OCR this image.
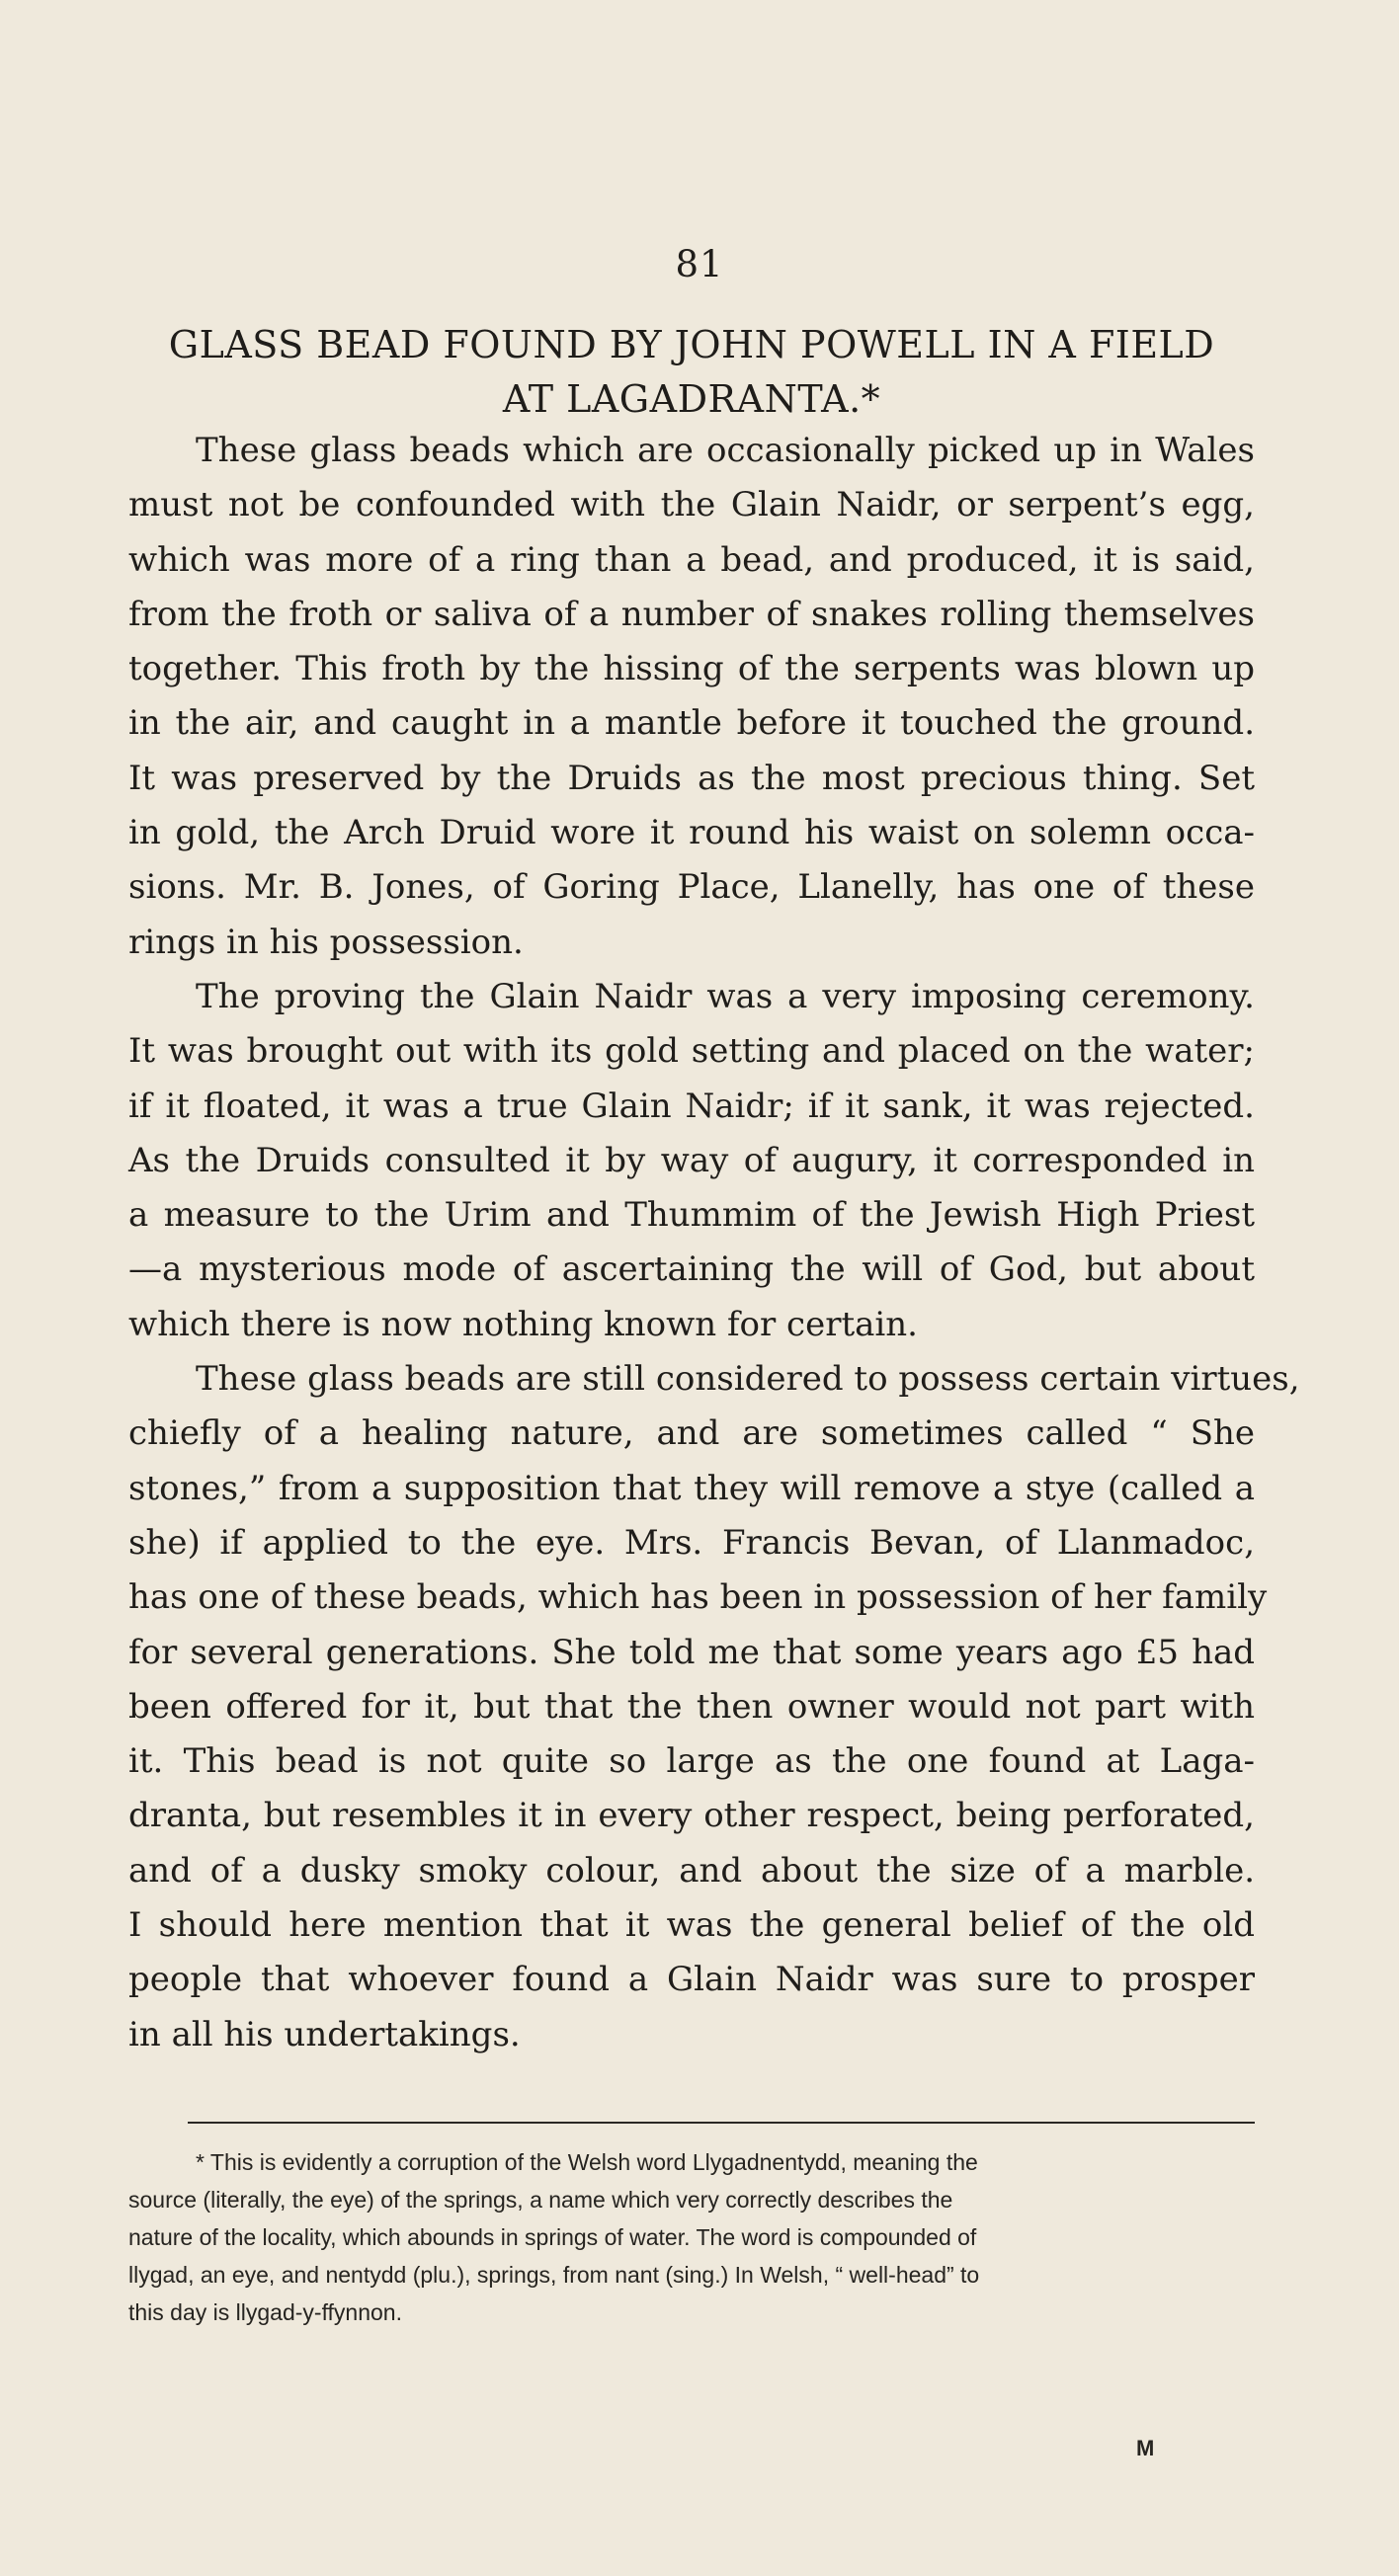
81
GLASS BEAD FOUND BY JOHN POWELL IN A FIELD
AT LAGADRANTA.*

These glass beads which are occasionally picked up in Wales
must not be confounded with the Glain Naidr, or serpent’s egg,
which was more of a ring than a bead, and produced, it is said,
from the froth or saliva of a number of snakes rolling themselves
together. This froth by the hissing of the serpents was blown up
in the air, and caught in a mantle before it touched the ground.
It was preserved by the Druids as the most precious thing. Set
in gold, the Arch Druid wore it round his waist on solemn occa-
sions. Mr. B. Jones, of Goring Place, Llanelly, has one of these
rings in his possession.

The proving the Glain Naidr was a very imposing ceremony.
It was brought out with its gold setting and placed on the water;
if it floated, it was a true Glain Naidr; if it sank, it was rejected.
As the Druids consulted it by way of augury, it corresponded in
a measure to the Urim and Thummim of the Jewish High Priest
—a mysterious mode of ascertaining the will of God, but about
which there is now nothing known for certain.

These glass beads are still considered to possess certain virtues,
chiefly of a healing nature, and are sometimes called “ She
stones,” from a supposition that they will remove a stye (called a
she) if applied to the eye. Mrs. Francis Bevan, of Llanmadoc,
has one of these beads, which has been in possession of her family
for several generations. She told me that some years ago £5 had
been offered for it, but that the then owner would not part with
it. This bead is not quite so large as the one found at Laga-
dranta, but resembles it in every other respect, being perforated,
and of a dusky smoky colour, and about the size of a marble.
I should here mention that it was the general belief of the old
people that whoever found a Glain Naidr was sure to prosper
in all his undertakings.

* This is evidently a corruption of the Welsh word Llygadnentydd, meaning the
source (literally, the eye) of the springs, a name which very correctly describes the
nature of the locality, which abounds in springs of water. The word is compounded of
llygad, an eye, and nentydd (plu.), springs, from nant (sing.) In Welsh, “ well-head” to
this day is llygad-y-ffynnon.
M
